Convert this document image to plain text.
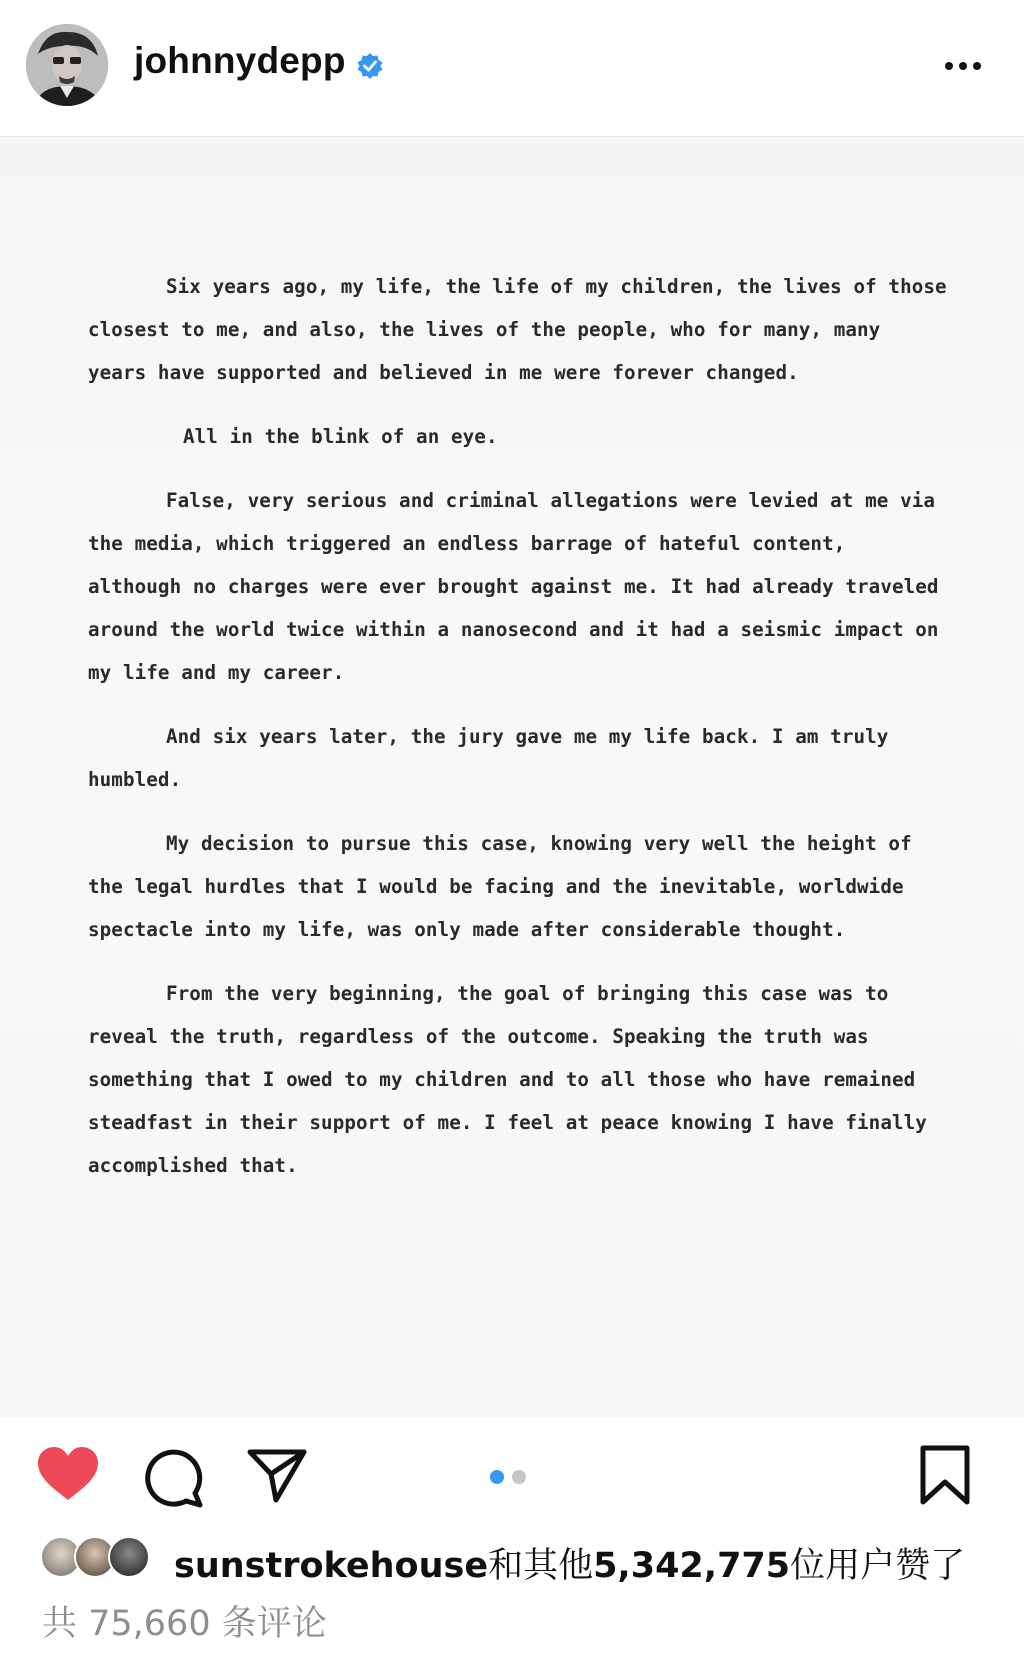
johnnydepp

Six years ago, my life, the life of my children, the lives of those closest to me, and also, the lives of the people, who for many, many years have supported and believed in me were forever changed.

All in the blink of an eye.

False, very serious and criminal allegations were levied at me via the media, which triggered an endless barrage of hateful content, although no charges were ever brought against me. It had already traveled around the world twice within a nanosecond and it had a seismic impact on my life and my career.

And six years later, the jury gave me my life back. I am truly humbled.

My decision to pursue this case, knowing very well the height of the legal hurdles that I would be facing and the inevitable, worldwide spectacle into my life, was only made after considerable thought.

From the very beginning, the goal of bringing this case was to reveal the truth, regardless of the outcome. Speaking the truth was something that I owed to my children and to all those who have remained steadfast in their support of me. I feel at peace knowing I have finally accomplished that.

sunstrokehouse和其他5,342,775位用户赞了
共 75,660 条评论
